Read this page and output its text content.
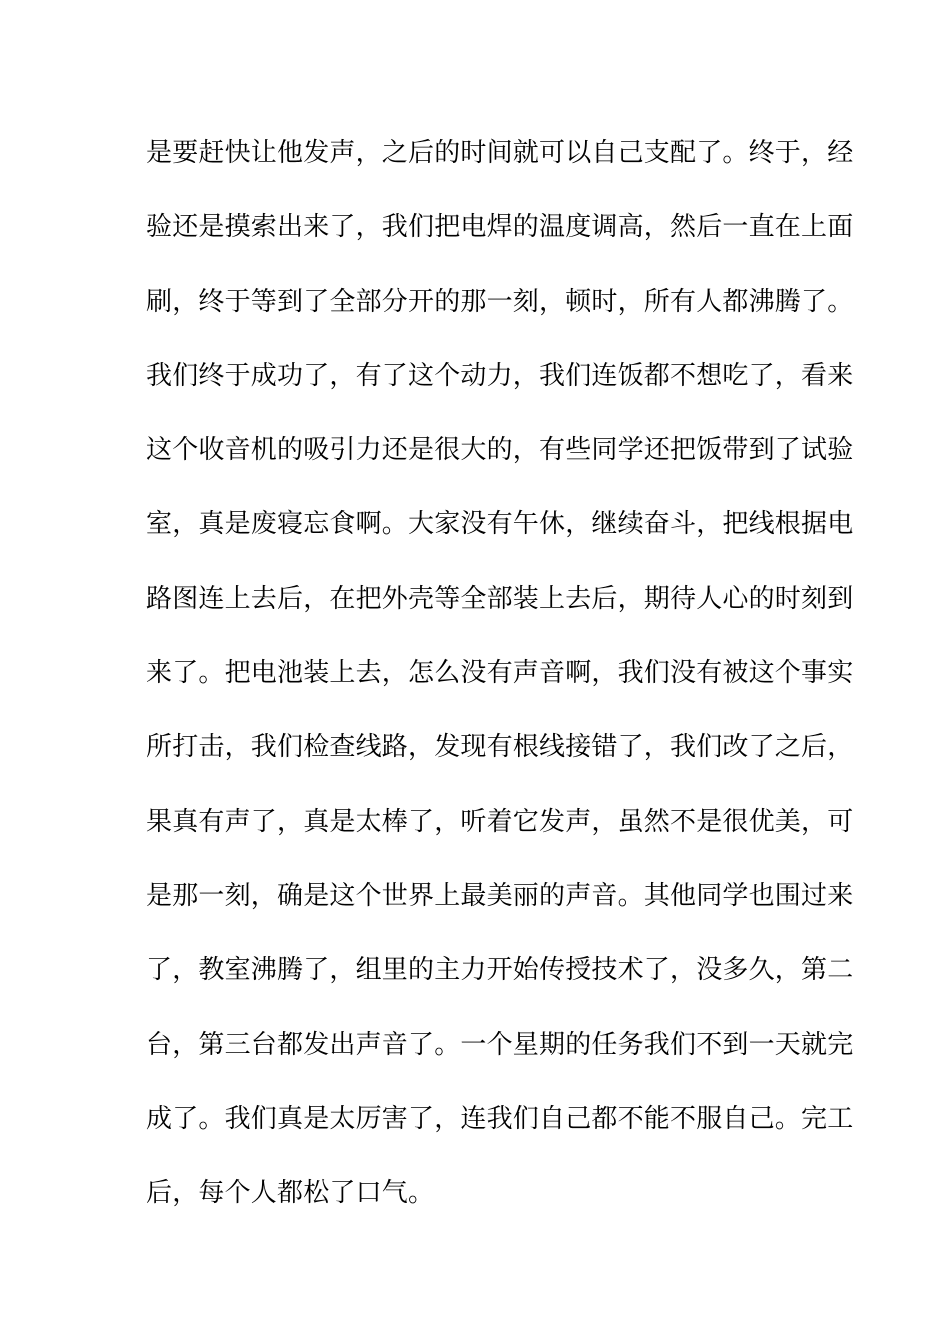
是要赶快让他发声，之后的时间就可以自己支配了。终于，经
验还是摸索出来了，我们把电焊的温度调高，然后一直在上面
刷，终于等到了全部分开的那一刻，顿时，所有人都沸腾了。
我们终于成功了，有了这个动力，我们连饭都不想吃了，看来
这个收音机的吸引力还是很大的，有些同学还把饭带到了试验
室，真是废寝忘食啊。大家没有午休，继续奋斗，把线根据电
路图连上去后，在把外壳等全部装上去后，期待人心的时刻到
来了。把电池装上去，怎么没有声音啊，我们没有被这个事实
所打击，我们检查线路，发现有根线接错了，我们改了之后，
果真有声了，真是太棒了，听着它发声，虽然不是很优美，可
是那一刻，确是这个世界上最美丽的声音。其他同学也围过来
了，教室沸腾了，组里的主力开始传授技术了，没多久，第二
台，第三台都发出声音了。一个星期的任务我们不到一天就完
成了。我们真是太厉害了，连我们自己都不能不服自己。完工
后，每个人都松了口气。
